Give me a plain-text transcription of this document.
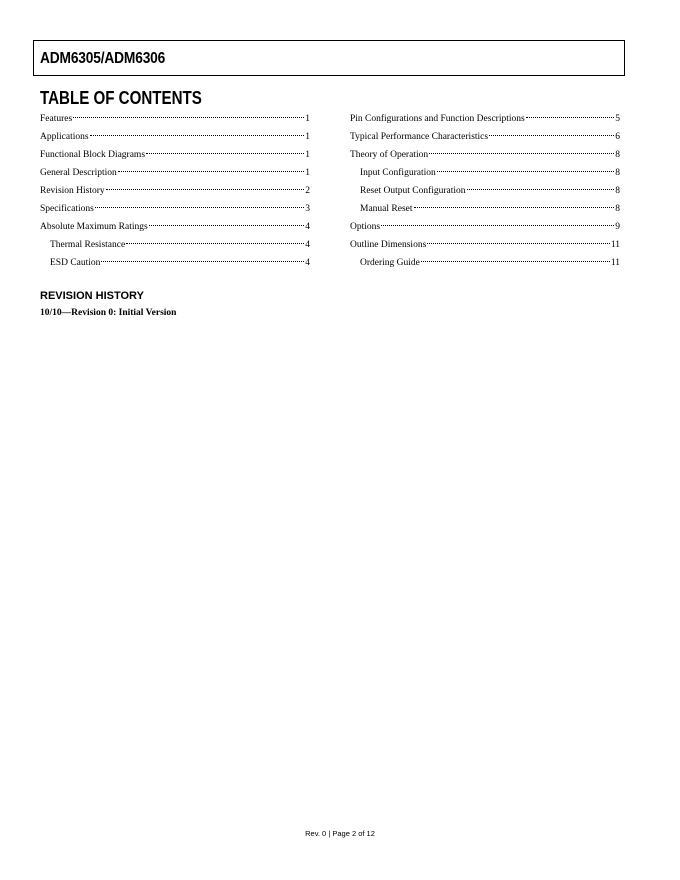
ADM6305/ADM6306
TABLE OF CONTENTS
Features	1
Applications	1
Functional Block Diagrams	1
General Description	1
Revision History	2
Specifications	3
Absolute Maximum Ratings	4
Thermal Resistance	4
ESD Caution	4
Pin Configurations and Function Descriptions	5
Typical Performance Characteristics	6
Theory of Operation	8
Input Configuration	8
Reset Output Configuration	8
Manual Reset	8
Options	9
Outline Dimensions	11
Ordering Guide	11
REVISION HISTORY
10/10—Revision 0: Initial Version
Rev. 0 | Page 2 of 12
